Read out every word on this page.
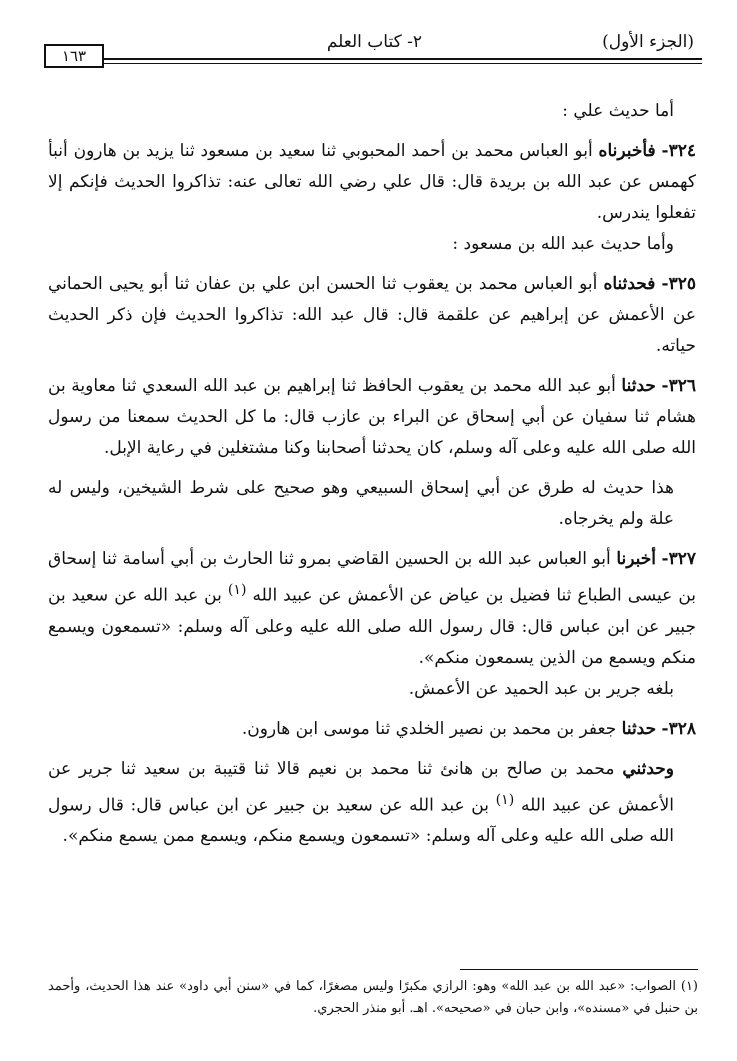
(الجزء الأول)
٢- كتاب العلم
١٦٣

أما حديث علي :

٣٢٤- فأخبرناه أبو العباس محمد بن أحمد المحبوبي ثنا سعيد بن مسعود ثنا يزيد بن هارون أنبأ كهمس عن عبد الله بن بريدة قال: قال علي رضي الله تعالى عنه: تذاكروا الحديث فإنكم إلا تفعلوا يندرس.

وأما حديث عبد الله بن مسعود :

٣٢٥- فحدثناه أبو العباس محمد بن يعقوب ثنا الحسن ابن علي بن عفان ثنا أبو يحيى الحماني عن الأعمش عن إبراهيم عن علقمة قال: قال عبد الله: تذاكروا الحديث فإن ذكر الحديث حياته.

٣٢٦- حدثنا أبو عبد الله محمد بن يعقوب الحافظ ثنا إبراهيم بن عبد الله السعدي ثنا معاوية بن هشام ثنا سفيان عن أبي إسحاق عن البراء بن عازب قال: ما كل الحديث سمعنا من رسول الله صلى الله عليه وعلى آله وسلم، كان يحدثنا أصحابنا وكنا مشتغلين في رعاية الإبل.

هذا حديث له طرق عن أبي إسحاق السبيعي وهو صحيح على شرط الشيخين، وليس له علة ولم يخرجاه.

٣٢٧- أخبرنا أبو العباس عبد الله بن الحسين القاضي بمرو ثنا الحارث بن أبي أسامة ثنا إسحاق بن عيسى الطباع ثنا فضيل بن عياض عن الأعمش عن عبيد الله $^{(١)}$ بن عبد الله عن سعيد بن جبير عن ابن عباس قال: قال رسول الله صلى الله عليه وعلى آله وسلم: «تسمعون ويسمع منكم ويسمع من الذين يسمعون منكم».

بلغه جرير بن عبد الحميد عن الأعمش.

٣٢٨- حدثنا جعفر بن محمد بن نصير الخلدي ثنا موسى ابن هارون.

وحدثني محمد بن صالح بن هانئ ثنا محمد بن نعيم قالا ثنا قتيبة بن سعيد ثنا جرير عن الأعمش عن عبيد الله $^{(١)}$ بن عبد الله عن سعيد بن جبير عن ابن عباس قال: قال رسول الله صلى الله عليه وعلى آله وسلم: «تسمعون ويسمع منكم، ويسمع ممن يسمع منكم».

(١) الصواب: «عبد الله بن عبد الله» وهو: الرازي مكبرًا وليس مصغرًا، كما في «سنن أبي داود» عند هذا الحديث، وأحمد بن حنبل في «مسنده»، وابن حبان في «صحيحه». اهـ. أبو منذر الحجري.
